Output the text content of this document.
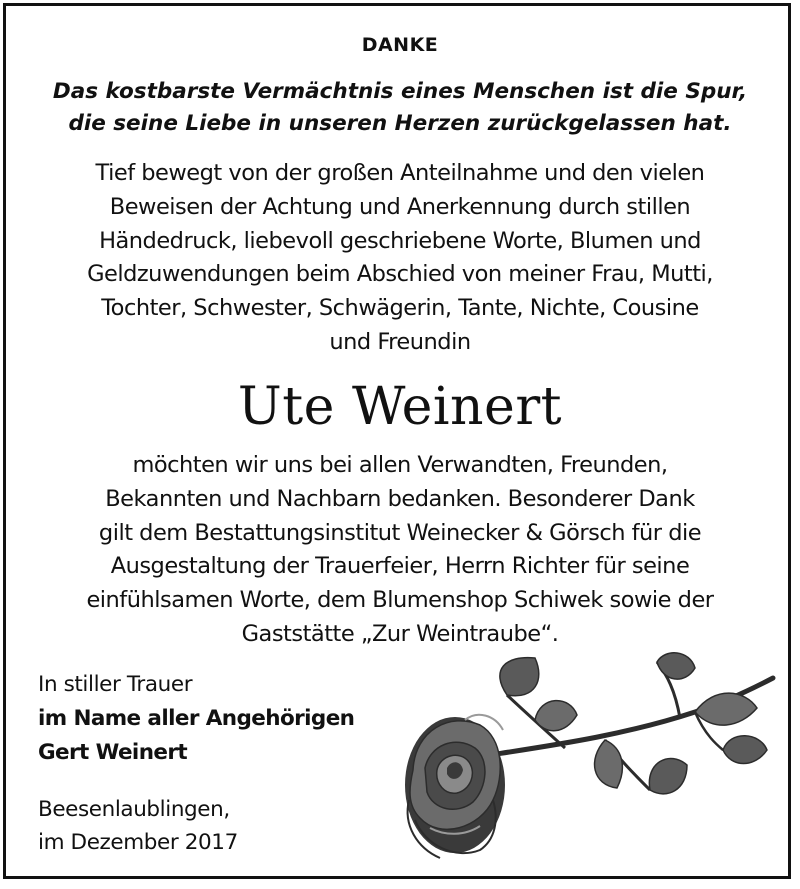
DANKE
Das kostbarste Vermächtnis eines Menschen ist die Spur,
die seine Liebe in unseren Herzen zurückgelassen hat.
Tief bewegt von der großen Anteilnahme und den vielen
Beweisen der Achtung und Anerkennung durch stillen
Händedruck, liebevoll geschriebene Worte, Blumen und
Geldzuwendungen beim Abschied von meiner Frau, Mutti,
Tochter, Schwester, Schwägerin, Tante, Nichte, Cousine
und Freundin
Ute Weinert
möchten wir uns bei allen Verwandten, Freunden,
Bekannten und Nachbarn bedanken. Besonderer Dank
gilt dem Bestattungsinstitut Weinecker & Görsch für die
Ausgestaltung der Trauerfeier, Herrn Richter für seine
einfühlsamen Worte, dem Blumenshop Schiwek sowie der
Gaststätte „Zur Weintraube“.
In stiller Trauer
im Name aller Angehörigen
Gert Weinert
Beesenlaublingen,
im Dezember 2017
